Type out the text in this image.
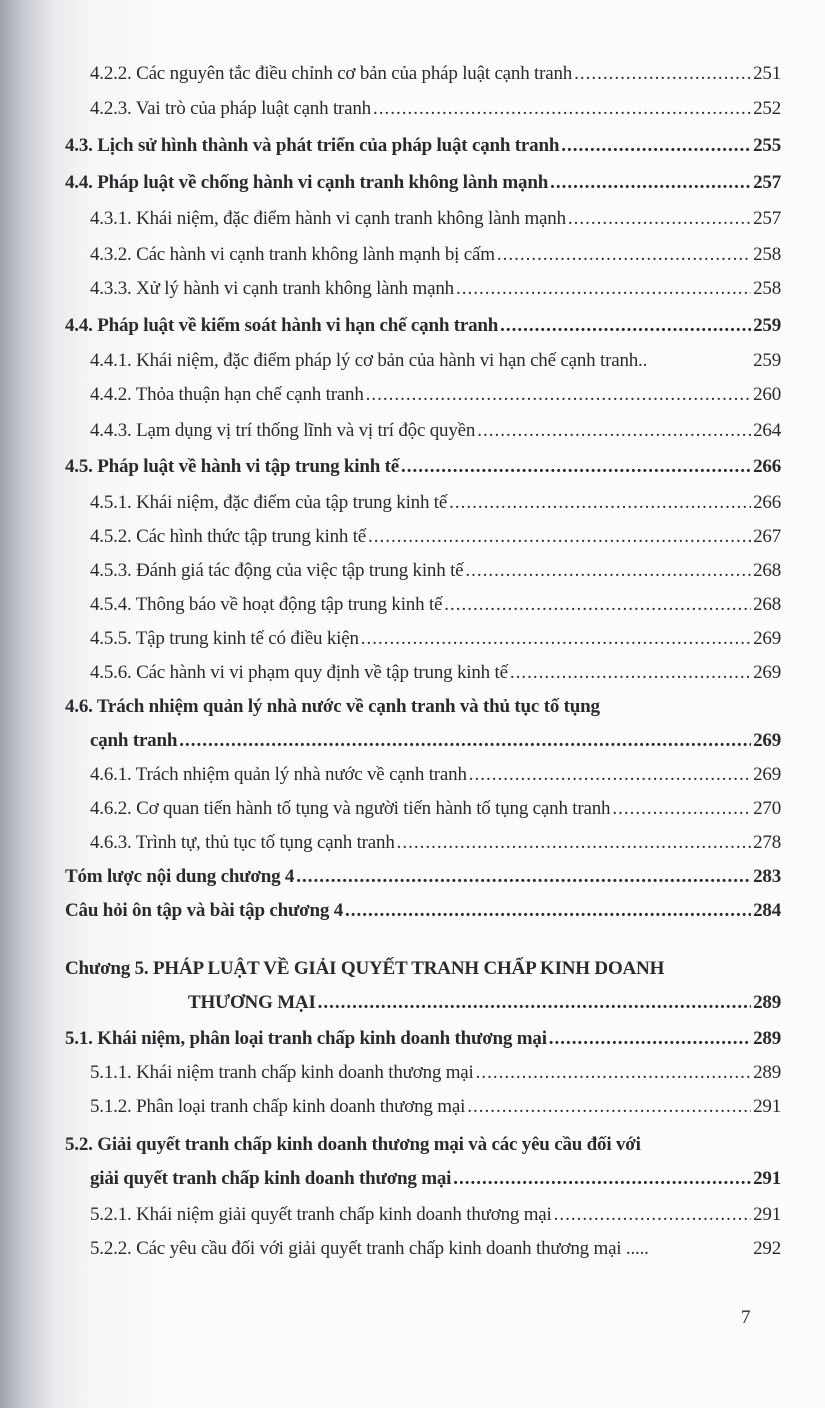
4.2.2. Các nguyên tắc điều chỉnh cơ bản của pháp luật cạnh tranh .....	251
4.2.3. Vai trò của pháp luật cạnh tranh .....	252
4.3. Lịch sử hình thành và phát triển của pháp luật cạnh tranh .....	255
4.4. Pháp luật về chống hành vi cạnh tranh không lành mạnh .....	257
4.3.1. Khái niệm, đặc điểm hành vi cạnh tranh không lành mạnh .....	257
4.3.2. Các hành vi cạnh tranh không lành mạnh bị cấm .....	258
4.3.3. Xử lý hành vi cạnh tranh không lành mạnh .....	258
4.4. Pháp luật về kiểm soát hành vi hạn chế cạnh tranh .....	259
4.4.1. Khái niệm, đặc điểm pháp lý cơ bản của hành vi hạn chế cạnh tranh..	259
4.4.2. Thỏa thuận hạn chế cạnh tranh .....	260
4.4.3. Lạm dụng vị trí thống lĩnh và vị trí độc quyền .....	264
4.5. Pháp luật về hành vi tập trung kinh tế .....	266
4.5.1. Khái niệm, đặc điểm của tập trung kinh tế .....	266
4.5.2. Các hình thức tập trung kinh tế .....	267
4.5.3. Đánh giá tác động của việc tập trung kinh tế .....	268
4.5.4. Thông báo về hoạt động tập trung kinh tế .....	268
4.5.5. Tập trung kinh tế có điều kiện .....	269
4.5.6. Các hành vi vi phạm quy định về tập trung kinh tế .....	269
4.6. Trách nhiệm quản lý nhà nước về cạnh tranh và thủ tục tố tụng
cạnh tranh .....	269
4.6.1. Trách nhiệm quản lý nhà nước về cạnh tranh .....	269
4.6.2. Cơ quan tiến hành tố tụng và người tiến hành tố tụng cạnh tranh .....	270
4.6.3. Trình tự, thủ tục tố tụng cạnh tranh .....	278
Tóm lược nội dung chương 4 .....	283
Câu hỏi ôn tập và bài tập chương 4 .....	284
Chương 5. PHÁP LUẬT VỀ GIẢI QUYẾT TRANH CHẤP KINH DOANH
THƯƠNG MẠI .....	289
5.1. Khái niệm, phân loại tranh chấp kinh doanh thương mại .....	289
5.1.1. Khái niệm tranh chấp kinh doanh thương mại .....	289
5.1.2. Phân loại tranh chấp kinh doanh thương mại .....	291
5.2. Giải quyết tranh chấp kinh doanh thương mại và các yêu cầu đối với
giải quyết tranh chấp kinh doanh thương mại .....	291
5.2.1. Khái niệm giải quyết tranh chấp kinh doanh thương mại .....	291
5.2.2. Các yêu cầu đối với giải quyết tranh chấp kinh doanh thương mại .....	292
7
